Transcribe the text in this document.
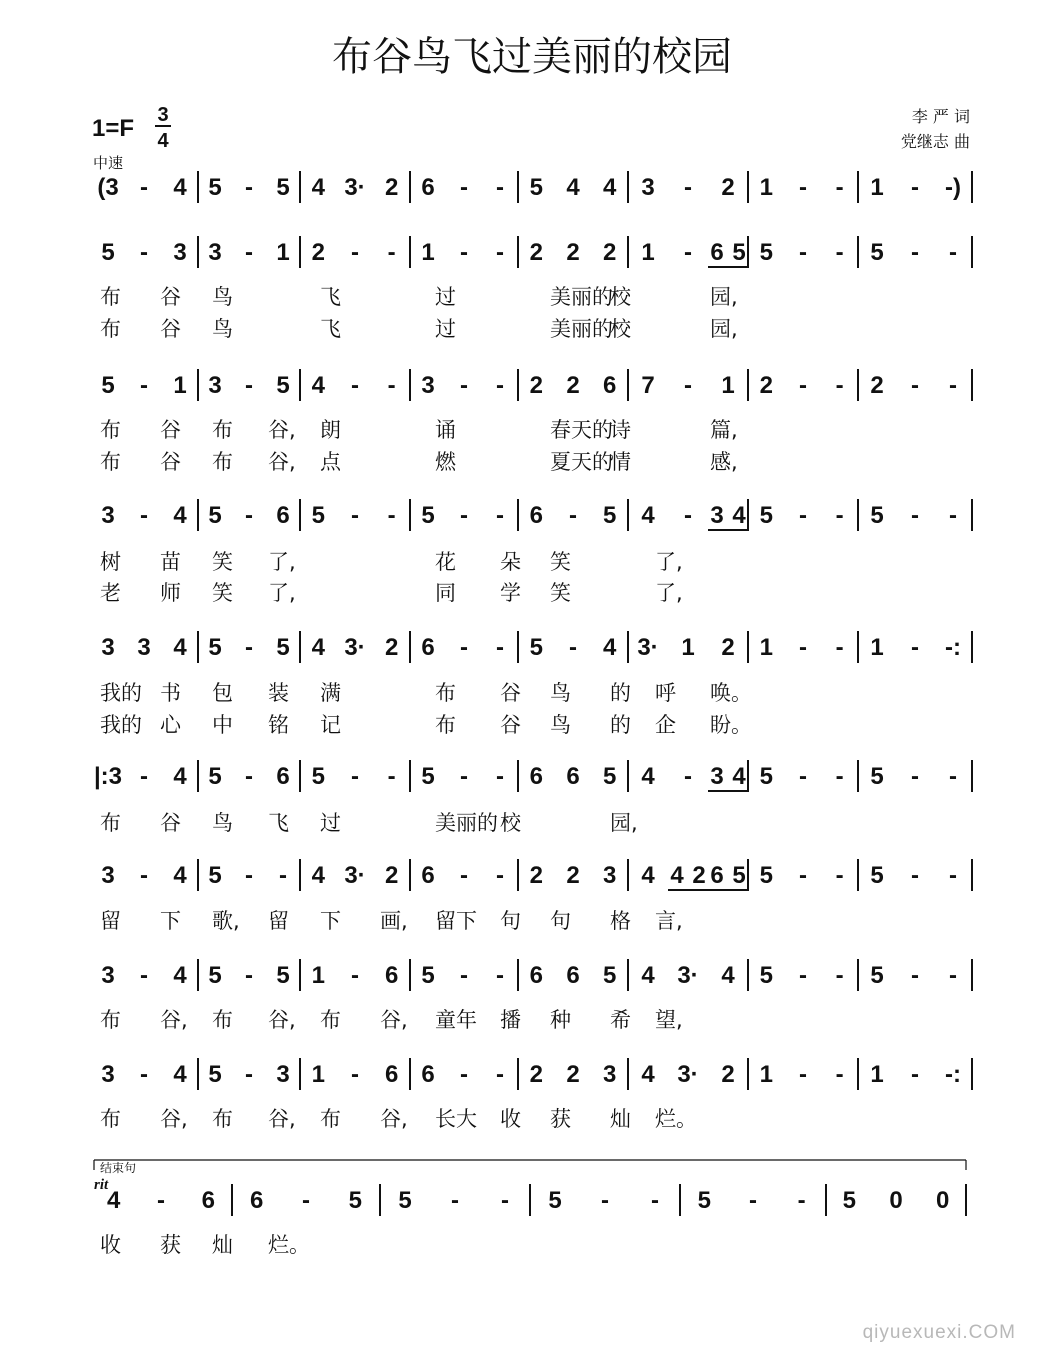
布谷鸟飞过美丽的校园
李 严 词
党继志 曲
1=F 3
4
中速
(3 - 4 5 - 5 4 3· 2 6 - - 5 4 4 3 - 2 1 - - 1 - -)
5 - 3 3 - 1 2 - - 1 - - 2 2 2 1 - 6 5 5 - - 5 - -
布 谷 鸟	飞	过	美丽的
校	园,
布 谷 鸟	飞	过	美丽的
校	园,
5 - 1 3 - 5 4 - - 3 - - 2 2 6 7 - 1 2 - - 2 - -
布 谷 布 谷, 朗	诵	春天的
诗	篇,
布 谷 布 谷, 点	燃	夏天的
情	感,
3 - 4 5 - 6 5 - - 5 - - 6 - 5 4 - 3 4 5 - - 5 - -
树 苗 笑 了,	花 朵 笑	了,
老 师 笑 了,	同 学 笑	了,
3 3 4 5 - 5 4 3· 2 6 - - 5 - 4 3· 1 2 1 - - 1 - -:
我的 书 包 装 满	布 谷 鸟 的 呼 唤。
我的 心 中 铭 记	布 谷 鸟 的 企 盼。
|:3 - 4 5 - 6 5 - - 5 - - 6 6 5 4 - 3 4 5 - - 5 - -
布 谷 鸟 飞 过	美丽的 校	园,
3 - 4 5 - - 4 3· 2 6 - - 2 2 3 4 4 2 6 5 5 - - 5 - -
留 下 歌, 留 下 画, 留下 句 句 格 言,
3 - 4 5 - 5 1 - 6 5 - - 6 6 5 4 3· 4 5 - - 5 - -
布 谷, 布 谷, 布 谷, 童年 播 种 希 望,
3 - 4 5 - 3 1 - 6 6 - - 2 2 3 4 3· 2 1 - - 1 - -:
布 谷, 布 谷, 布 谷, 长大 收 获 灿 烂。
4 - 6 6 - 5 5 - - 5 - - 5 - - 5 0 0
收 获 灿 烂。
结束句
rit
qiyuexuexi.COM
